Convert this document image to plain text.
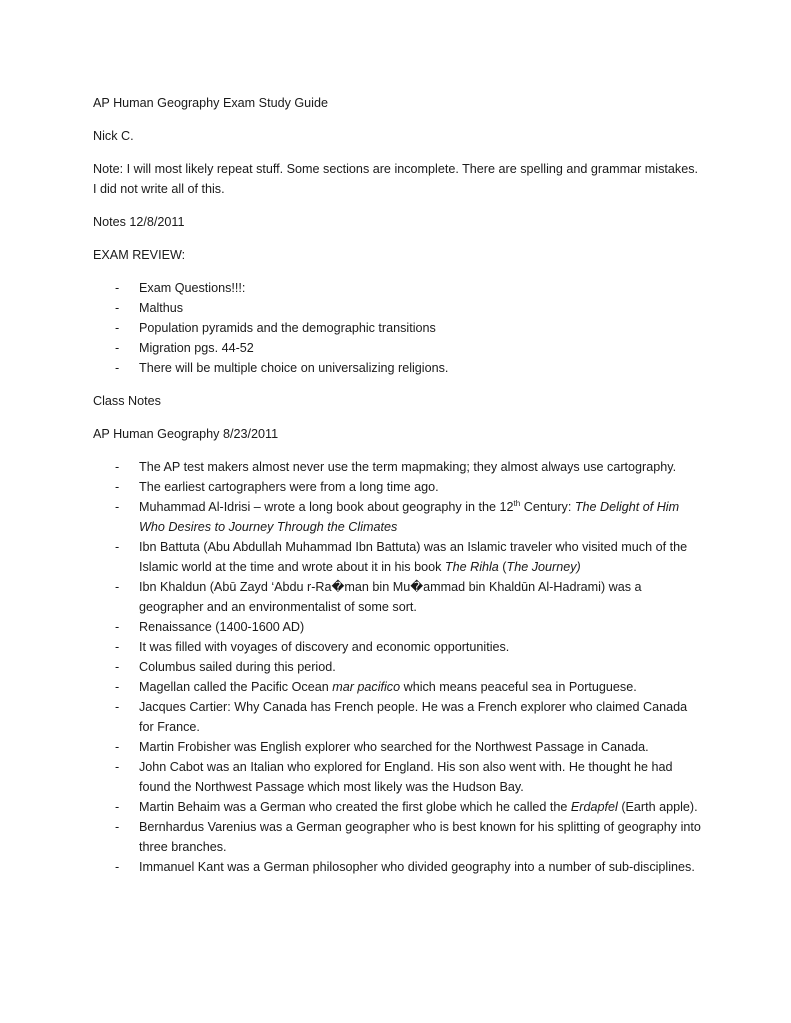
AP Human Geography Exam Study Guide

Nick C.

Note: I will most likely repeat stuff. Some sections are incomplete. There are spelling and grammar mistakes. I did not write all of this.

Notes 12/8/2011

EXAM REVIEW:

- Exam Questions!!!:
- Malthus
- Population pyramids and the demographic transitions
- Migration pgs. 44-52
- There will be multiple choice on universalizing religions.

Class Notes

AP Human Geography 8/23/2011

- The AP test makers almost never use the term mapmaking; they almost always use cartography.
- The earliest cartographers were from a long time ago.
- Muhammad Al-Idrisi – wrote a long book about geography in the 12th Century: The Delight of Him Who Desires to Journey Through the Climates
- Ibn Battuta (Abu Abdullah Muhammad Ibn Battuta) was an Islamic traveler who visited much of the Islamic world at the time and wrote about it in his book The Rihla (The Journey)
- Ibn Khaldun (Abū Zayd ‘Abdu r-Ra�man bin Mu�ammad bin Khaldūn Al-Hadrami) was a geographer and an environmentalist of some sort.
- Renaissance (1400-1600 AD)
- It was filled with voyages of discovery and economic opportunities.
- Columbus sailed during this period.
- Magellan called the Pacific Ocean mar pacifico which means peaceful sea in Portuguese.
- Jacques Cartier: Why Canada has French people. He was a French explorer who claimed Canada for France.
- Martin Frobisher was English explorer who searched for the Northwest Passage in Canada.
- John Cabot was an Italian who explored for England. His son also went with. He thought he had found the Northwest Passage which most likely was the Hudson Bay.
- Martin Behaim was a German who created the first globe which he called the Erdapfel (Earth apple).
- Bernhardus Varenius was a German geographer who is best known for his splitting of geography into three branches.
- Immanuel Kant was a German philosopher who divided geography into a number of sub-disciplines.
